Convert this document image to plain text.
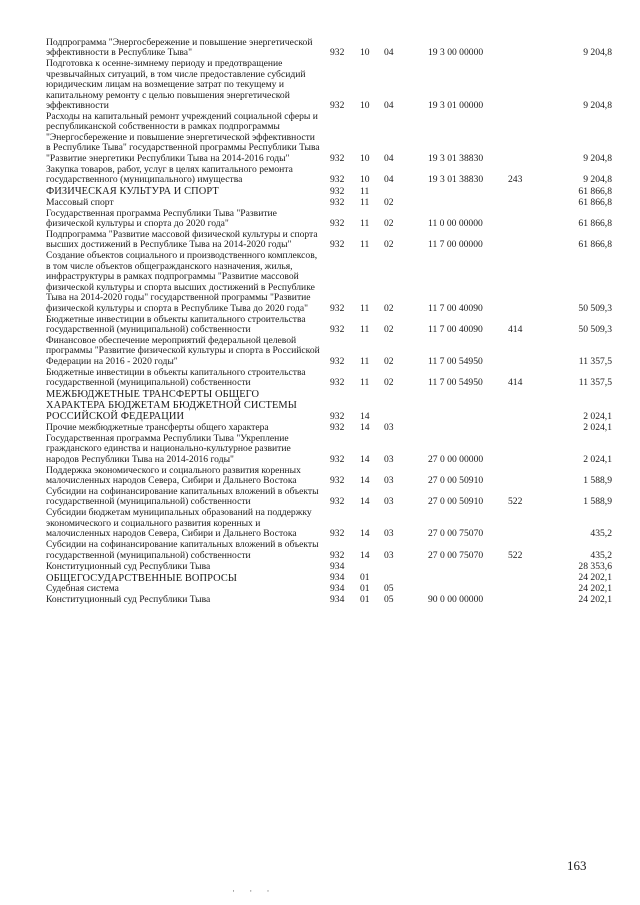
Подпрограмма "Энергосбережение и повышение энергетической эффективности в Республике Тыва"	932	10	04	19 3 00 00000		9 204,8
Подготовка к осенне-зимнему периоду и предотвращение чрезвычайных ситуаций, в том числе предоставление субсидий юридическим лицам на возмещение затрат по текущему и капитальному ремонту с целью повышения энергетической эффективности	932	10	04	19 3 01 00000		9 204,8
Расходы на капитальный ремонт учреждений социальной сферы и республиканской собственности в рамках подпрограммы "Энергосбережение и повышение энергетической эффективности в Республике Тыва" государственной программы Республики Тыва "Развитие энергетики Республики Тыва на 2014-2016 годы"	932	10	04	19 3 01 38830		9 204,8
Закупка товаров, работ, услуг в целях капитального ремонта государственного (муниципального) имущества	932	10	04	19 3 01 38830	243	9 204,8
ФИЗИЧЕСКАЯ КУЛЬТУРА И СПОРТ	932	11				61 866,8
Массовый спорт	932	11	02			61 866,8
Государственная программа Республики Тыва "Развитие физической культуры и спорта до 2020 года"	932	11	02	11 0 00 00000		61 866,8
Подпрограмма "Развитие массовой физической культуры и спорта высших достижений в Республике Тыва на 2014-2020 годы"	932	11	02	11 7 00 00000		61 866,8
Создание объектов социального и производственного комплексов, в том числе объектов общегражданского назначения, жилья, инфраструктуры в рамках подпрограммы "Развитие массовой физической культуры и спорта высших достижений в Республике Тыва на 2014-2020 годы" государственной программы "Развитие физической культуры и спорта в Республике Тыва до 2020 года"	932	11	02	11 7 00 40090		50 509,3
Бюджетные инвестиции в объекты капитального строительства государственной (муниципальной) собственности	932	11	02	11 7 00 40090	414	50 509,3
Финансовое обеспечение мероприятий федеральной целевой программы "Развитие физической культуры и спорта в Российской Федерации на 2016 - 2020 годы"	932	11	02	11 7 00 54950		11 357,5
Бюджетные инвестиции в объекты капитального строительства государственной (муниципальной) собственности	932	11	02	11 7 00 54950	414	11 357,5
МЕЖБЮДЖЕТНЫЕ ТРАНСФЕРТЫ ОБЩЕГО ХАРАКТЕРА БЮДЖЕТАМ БЮДЖЕТНОЙ СИСТЕМЫ РОССИЙСКОЙ ФЕДЕРАЦИИ	932	14				2 024,1
Прочие межбюджетные трансферты общего характера	932	14	03			2 024,1
Государственная программа Республики Тыва "Укрепление гражданского единства и национально-культурное развитие народов Республики Тыва на 2014-2016 годы"	932	14	03	27 0 00 00000		2 024,1
Поддержка экономического и социального развития коренных малочисленных народов Севера, Сибири и Дальнего Востока	932	14	03	27 0 00 50910		1 588,9
Субсидии на софинансирование капитальных вложений в объекты государственной (муниципальной) собственности	932	14	03	27 0 00 50910	522	1 588,9
Субсидии бюджетам муниципальных образований на поддержку экономического и социального развития коренных и малочисленных народов Севера, Сибири и Дальнего Востока	932	14	03	27 0 00 75070		435,2
Субсидии на софинансирование капитальных вложений в объекты государственной (муниципальной) собственности	932	14	03	27 0 00 75070	522	435,2
Конституционный суд Республики Тыва	934					28 353,6
ОБЩЕГОСУДАРСТВЕННЫЕ ВОПРОСЫ	934	01				24 202,1
Судебная система	934	01	05			24 202,1
Конституционный суд Республики Тыва	934	01	05	90 0 00 00000		24 202,1
163
· · ·
